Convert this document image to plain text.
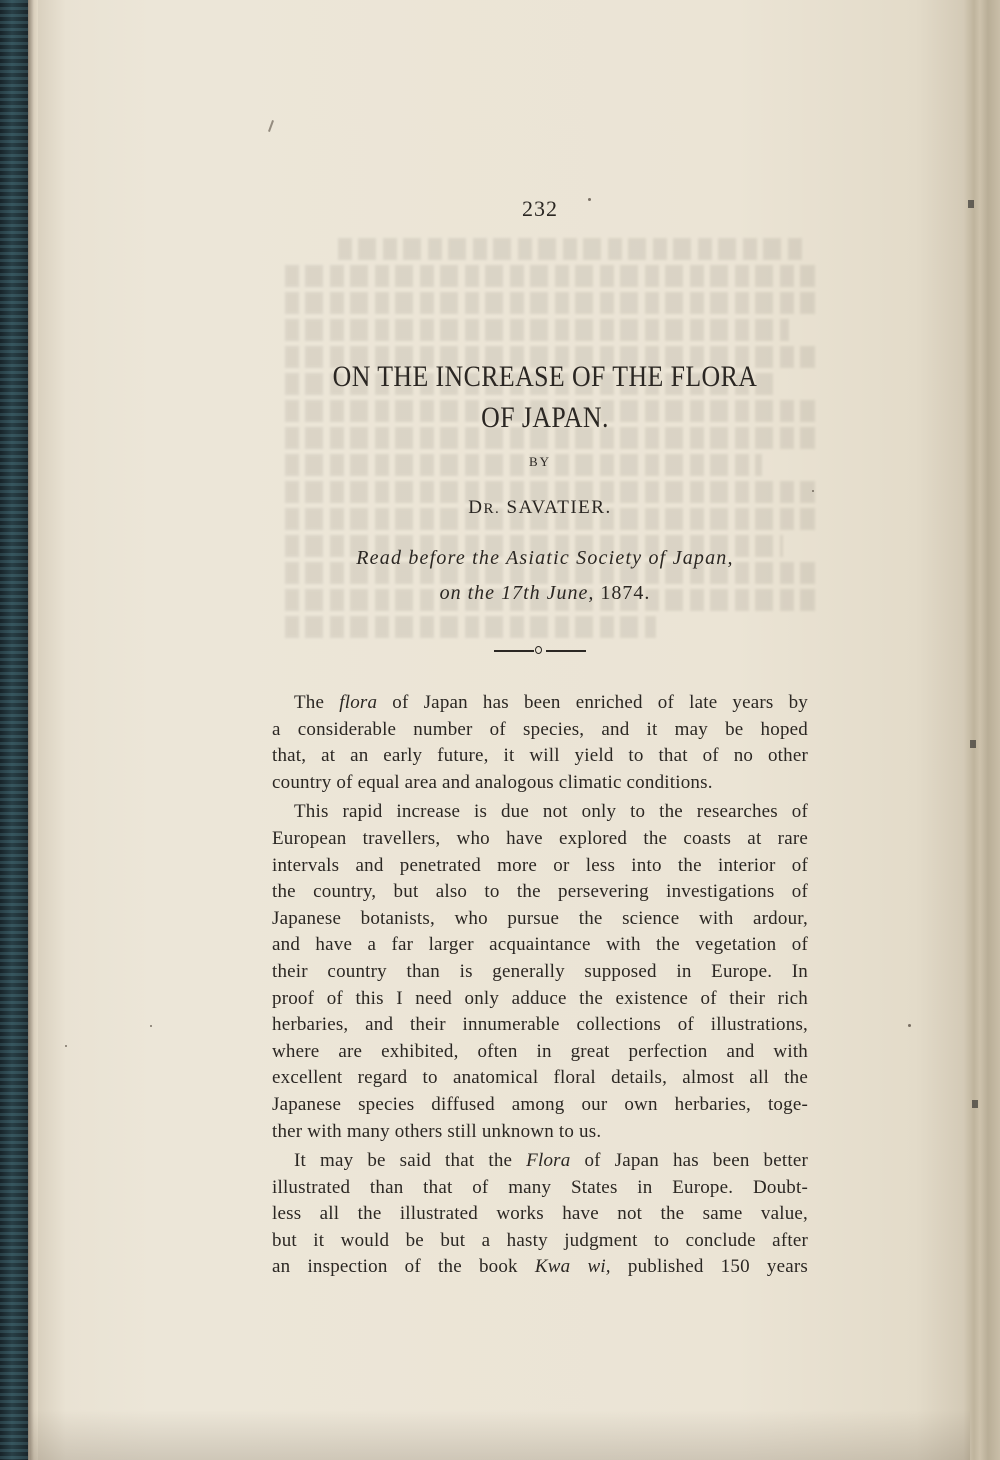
232
ON THE INCREASE OF THE FLORA
OF JAPAN.
BY
DR. SAVATIER.
Read before the Asiatic Society of Japan,
on the 17th June, 1874.
The flora of Japan has been enriched of late years by
a considerable number of species, and it may be hoped
that, at an early future, it will yield to that of no other
country of equal area and analogous climatic conditions.
This rapid increase is due not only to the researches of
European travellers, who have explored the coasts at rare
intervals and penetrated more or less into the interior of
the country, but also to the persevering investigations of
Japanese botanists, who pursue the science with ardour,
and have a far larger acquaintance with the vegetation of
their country than is generally supposed in Europe. In
proof of this I need only adduce the existence of their rich
herbaries, and their innumerable collections of illustrations,
where are exhibited, often in great perfection and with
excellent regard to anatomical floral details, almost all the
Japanese species diffused among our own herbaries, toge-
ther with many others still unknown to us.
It may be said that the Flora of Japan has been better
illustrated than that of many States in Europe. Doubt-
less all the illustrated works have not the same value,
but it would be but a hasty judgment to conclude after
an inspection of the book Kwa wi, published 150 years
